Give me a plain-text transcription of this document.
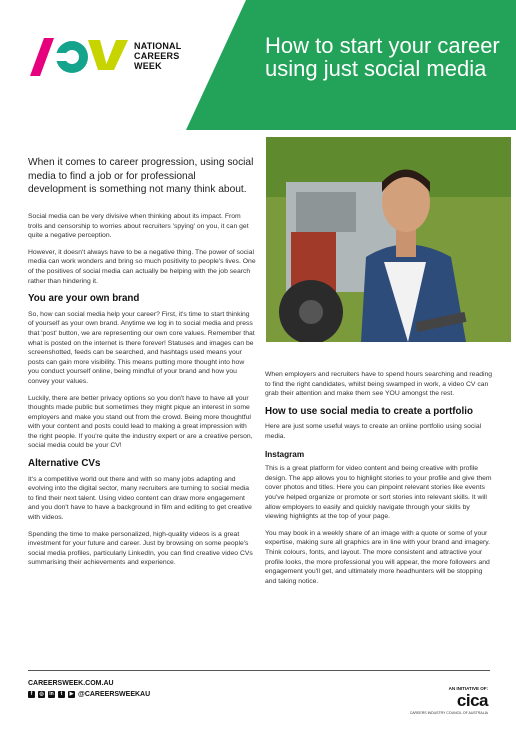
NATIONAL
CAREERS
WEEK
How to start your career using just social media
When it comes to career progression, using social media to find a job or for professional development is something not many think about.

Social media can be very divisive when thinking about its impact. From trolls and censorship to worries about recruiters 'spying' on you, it can get quite a negative perception.

However, it doesn't always have to be a negative thing. The power of social media can work wonders and bring so much positivity to people's lives. One of the positives of social media can actually be helping with the job search rather than hindering it.

You are your own brand

So, how can social media help your career? First, it's time to start thinking of yourself as your own brand. Anytime we log in to social media and press that 'post' button, we are representing our own core values. Remember that what is posted on the internet is there forever! Statuses and images can be screenshotted, feeds can be searched, and hashtags used means your posts can gain more visibility. This means putting more thought into how you conduct yourself online, being mindful of your brand and how you convey your values.

Luckily, there are better privacy options so you don't have to have all your thoughts made public but sometimes they might pique an interest in some employers and make you stand out from the crowd. Being more thoughtful with your content and posts could lead to making a great impression with the right people. If you're quite the industry expert or are a creative person, social media could be your CV!

Alternative CVs

It's a competitive world out there and with so many jobs adapting and evolving into the digital sector, many recruiters are turning to social media to find their next talent. Using video content can draw more engagement and you don't have to have a background in film and editing to get creative with videos.

Spending the time to make personalized, high-quality videos is a great investment for your future and career. Just by browsing on some people's social media profiles, particularly LinkedIn, you can find creative video CVs summarising their achievements and experience.

When employers and recruiters have to spend hours searching and reading to find the right candidates, whilst being swamped in work, a video CV can grab their attention and make them see YOU amongst the rest.

How to use social media to create a portfolio

Here are just some useful ways to create an online portfolio using social media.

Instagram

This is a great platform for video content and being creative with profile design. The app allows you to highlight stories to your profile and give them cover photos and titles. Here you can pinpoint relevant stories like events you've helped organize or promote or sort stories into relevant skills. It will allow employers to easily and quickly navigate through your skills by viewing highlights at the top of your page.

You may book in a weekly share of an image with a quote or some of your expertise, making sure all graphics are in line with your brand and imagery. Think colours, fonts, and layout. The more consistent and attractive your profile looks, the more professional you will appear, the more followers and engagement you'll get, and ultimately more headhunters will be stopping and taking notice.

CAREERSWEEK.COM.AU
f	◎ in	t	▶ @CAREERSWEEKAU
AN INITIATIVE OF:
cica
CAREERS INDUSTRY COUNCIL OF AUSTRALIA
